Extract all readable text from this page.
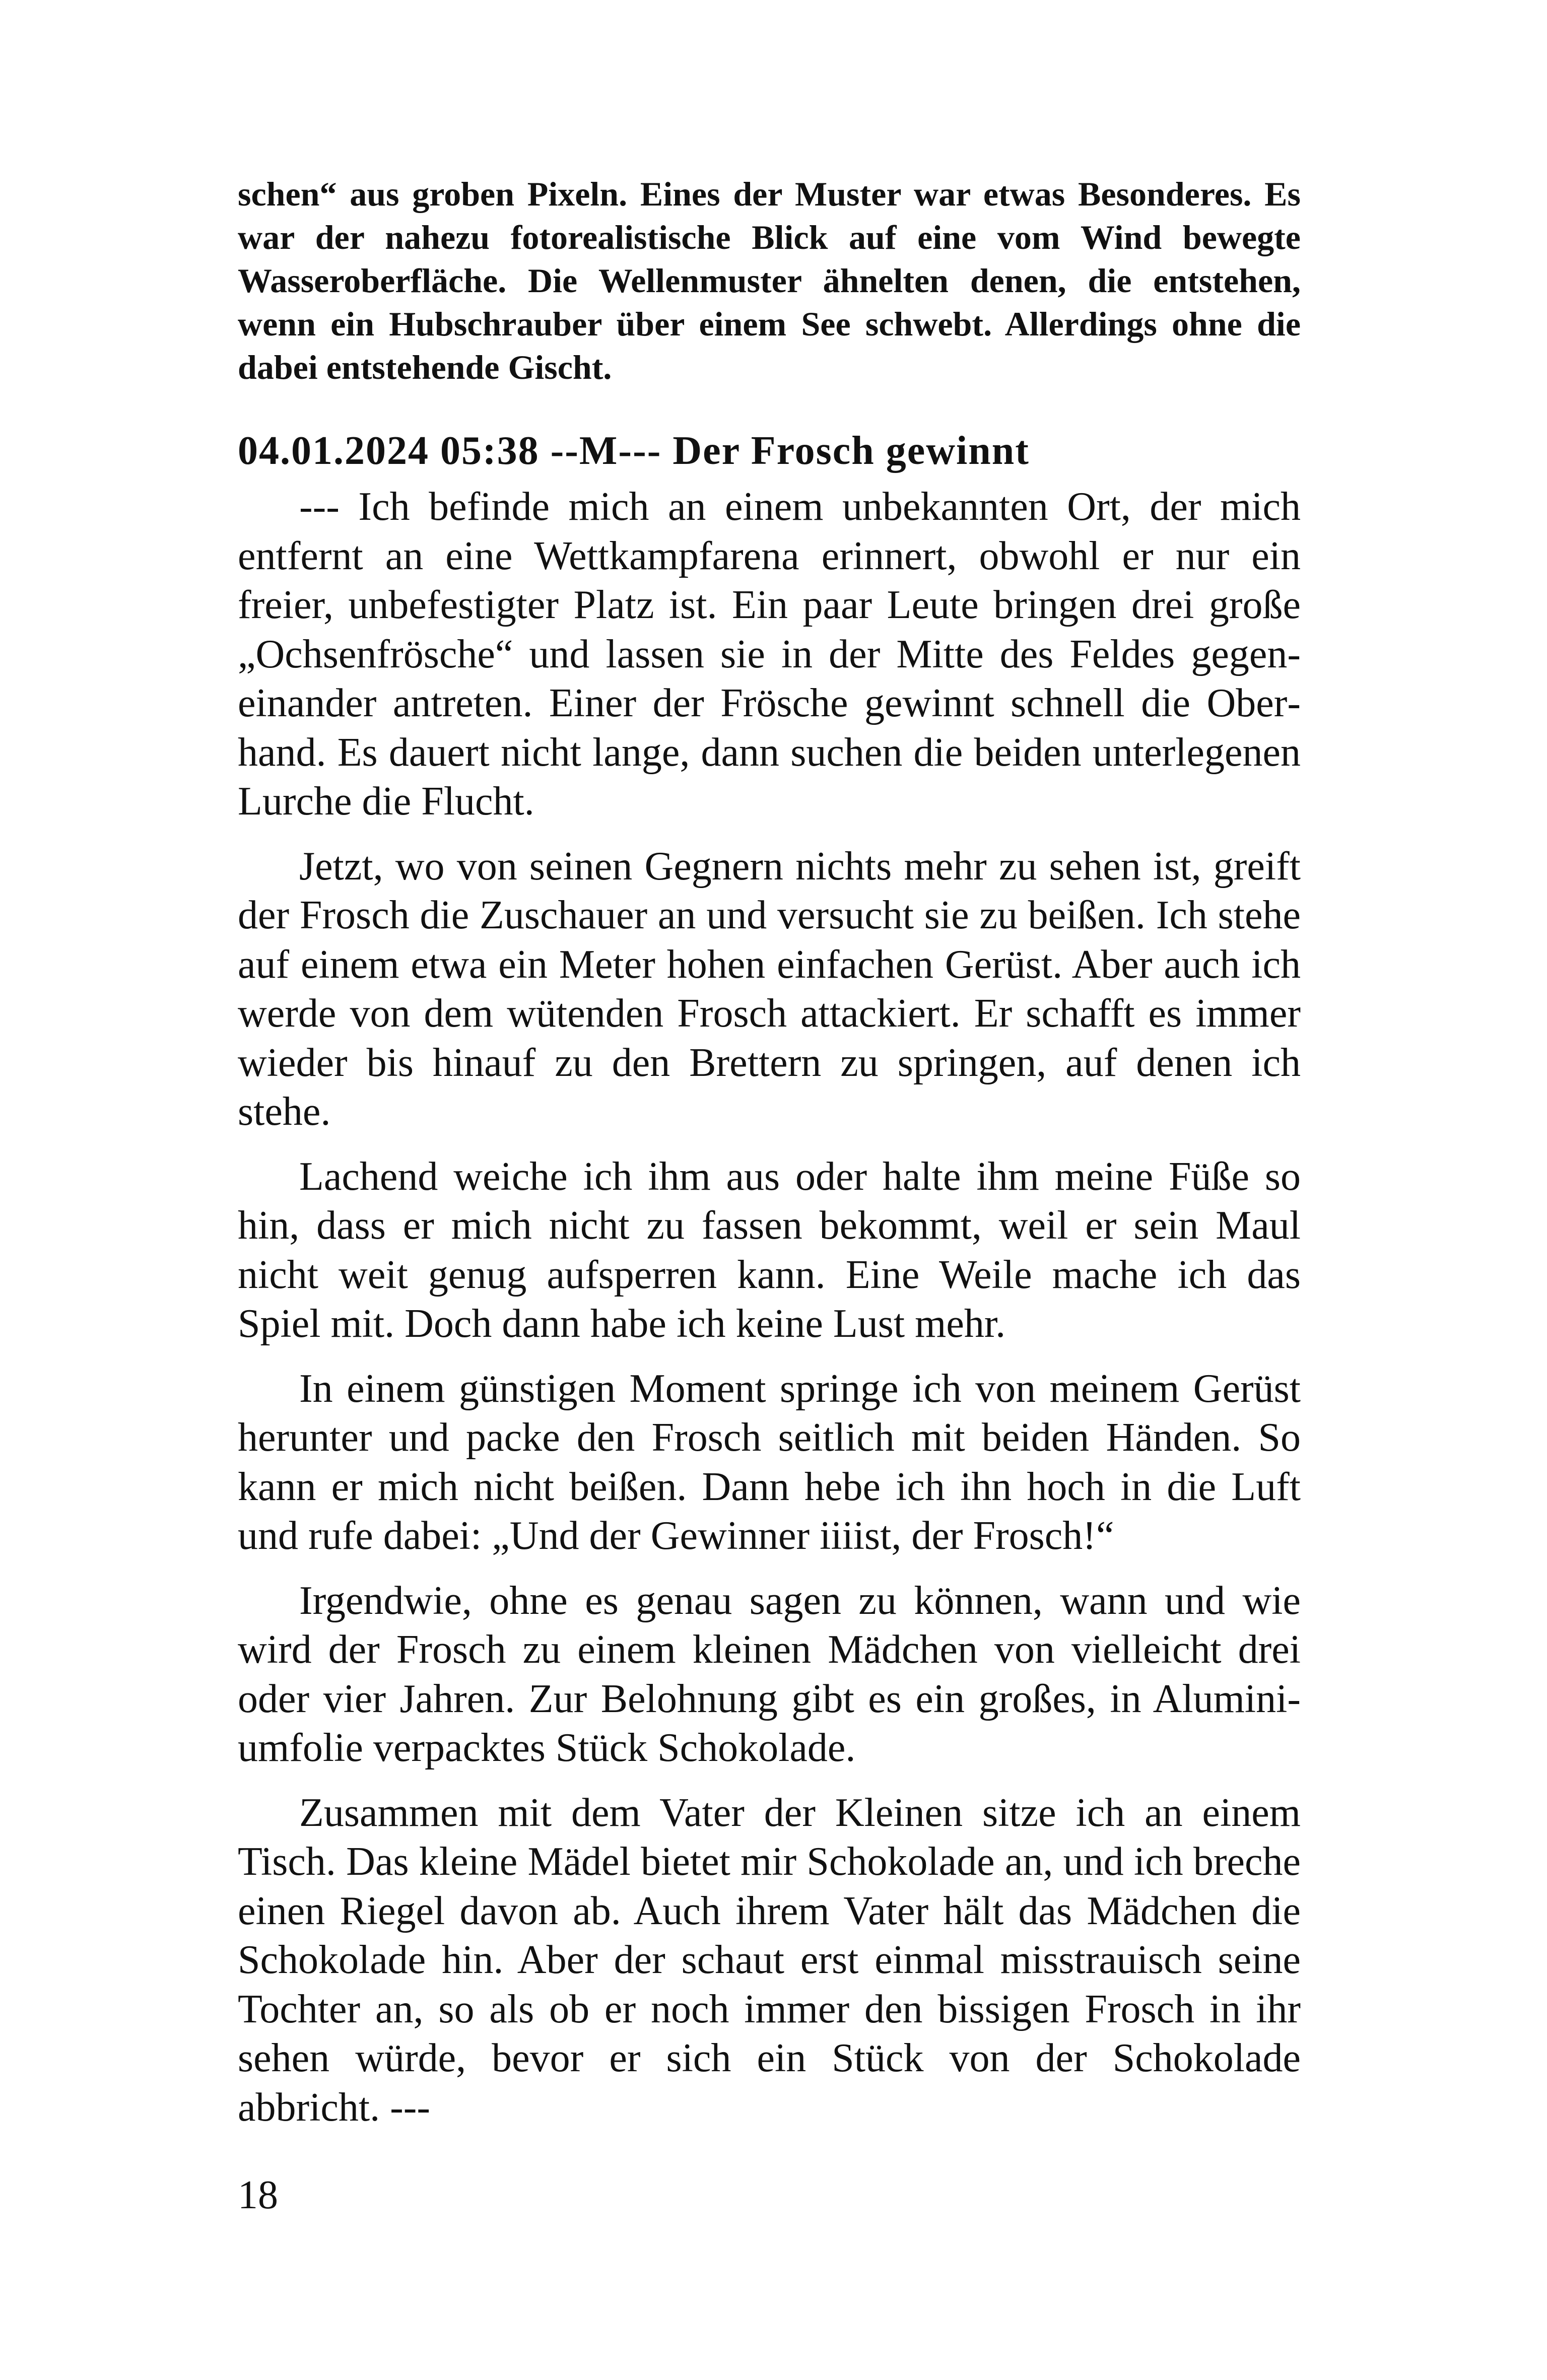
schen“ aus groben Pixeln. Eines der Muster war etwas Besonderes. Es war der nahezu fotorealistische Blick auf eine vom Wind bewegte Wasseroberfläche. Die Wellenmuster ähnelten denen, die entstehen, wenn ein Hubschrauber über einem See schwebt. Allerdings ohne die dabei entstehende Gischt.
04.01.2024 05:38 --M--- Der Frosch gewinnt

--- Ich befinde mich an einem unbekannten Ort, der mich entfernt an eine Wettkampfarena erinnert, obwohl er nur ein freier, unbefestigter Platz ist. Ein paar Leute bringen drei große „Ochsenfrösche“ und lassen sie in der Mitte des Feldes gegeneinander antreten. Einer der Frösche gewinnt schnell die Oberhand. Es dauert nicht lange, dann suchen die beiden unterlegenen Lurche die Flucht.

Jetzt, wo von seinen Gegnern nichts mehr zu sehen ist, greift der Frosch die Zuschauer an und versucht sie zu beißen. Ich stehe auf einem etwa ein Meter hohen einfachen Gerüst. Aber auch ich werde von dem wütenden Frosch attackiert. Er schafft es immer wieder bis hinauf zu den Brettern zu springen, auf denen ich stehe.

Lachend weiche ich ihm aus oder halte ihm meine Füße so hin, dass er mich nicht zu fassen bekommt, weil er sein Maul nicht weit genug aufsperren kann. Eine Weile mache ich das Spiel mit. Doch dann habe ich keine Lust mehr.

In einem günstigen Moment springe ich von meinem Gerüst herunter und packe den Frosch seitlich mit beiden Händen. So kann er mich nicht beißen. Dann hebe ich ihn hoch in die Luft und rufe dabei: „Und der Gewinner iiiist, der Frosch!“

Irgendwie, ohne es genau sagen zu können, wann und wie wird der Frosch zu einem kleinen Mädchen von vielleicht drei oder vier Jahren. Zur Belohnung gibt es ein großes, in Aluminiumfolie verpacktes Stück Schokolade.

Zusammen mit dem Vater der Kleinen sitze ich an einem Tisch. Das kleine Mädel bietet mir Schokolade an, und ich breche einen Riegel davon ab. Auch ihrem Vater hält das Mädchen die Schokolade hin. Aber der schaut erst einmal misstrauisch seine Tochter an, so als ob er noch immer den bissigen Frosch in ihr sehen würde, bevor er sich ein Stück von der Schokolade abbricht. ---

18
